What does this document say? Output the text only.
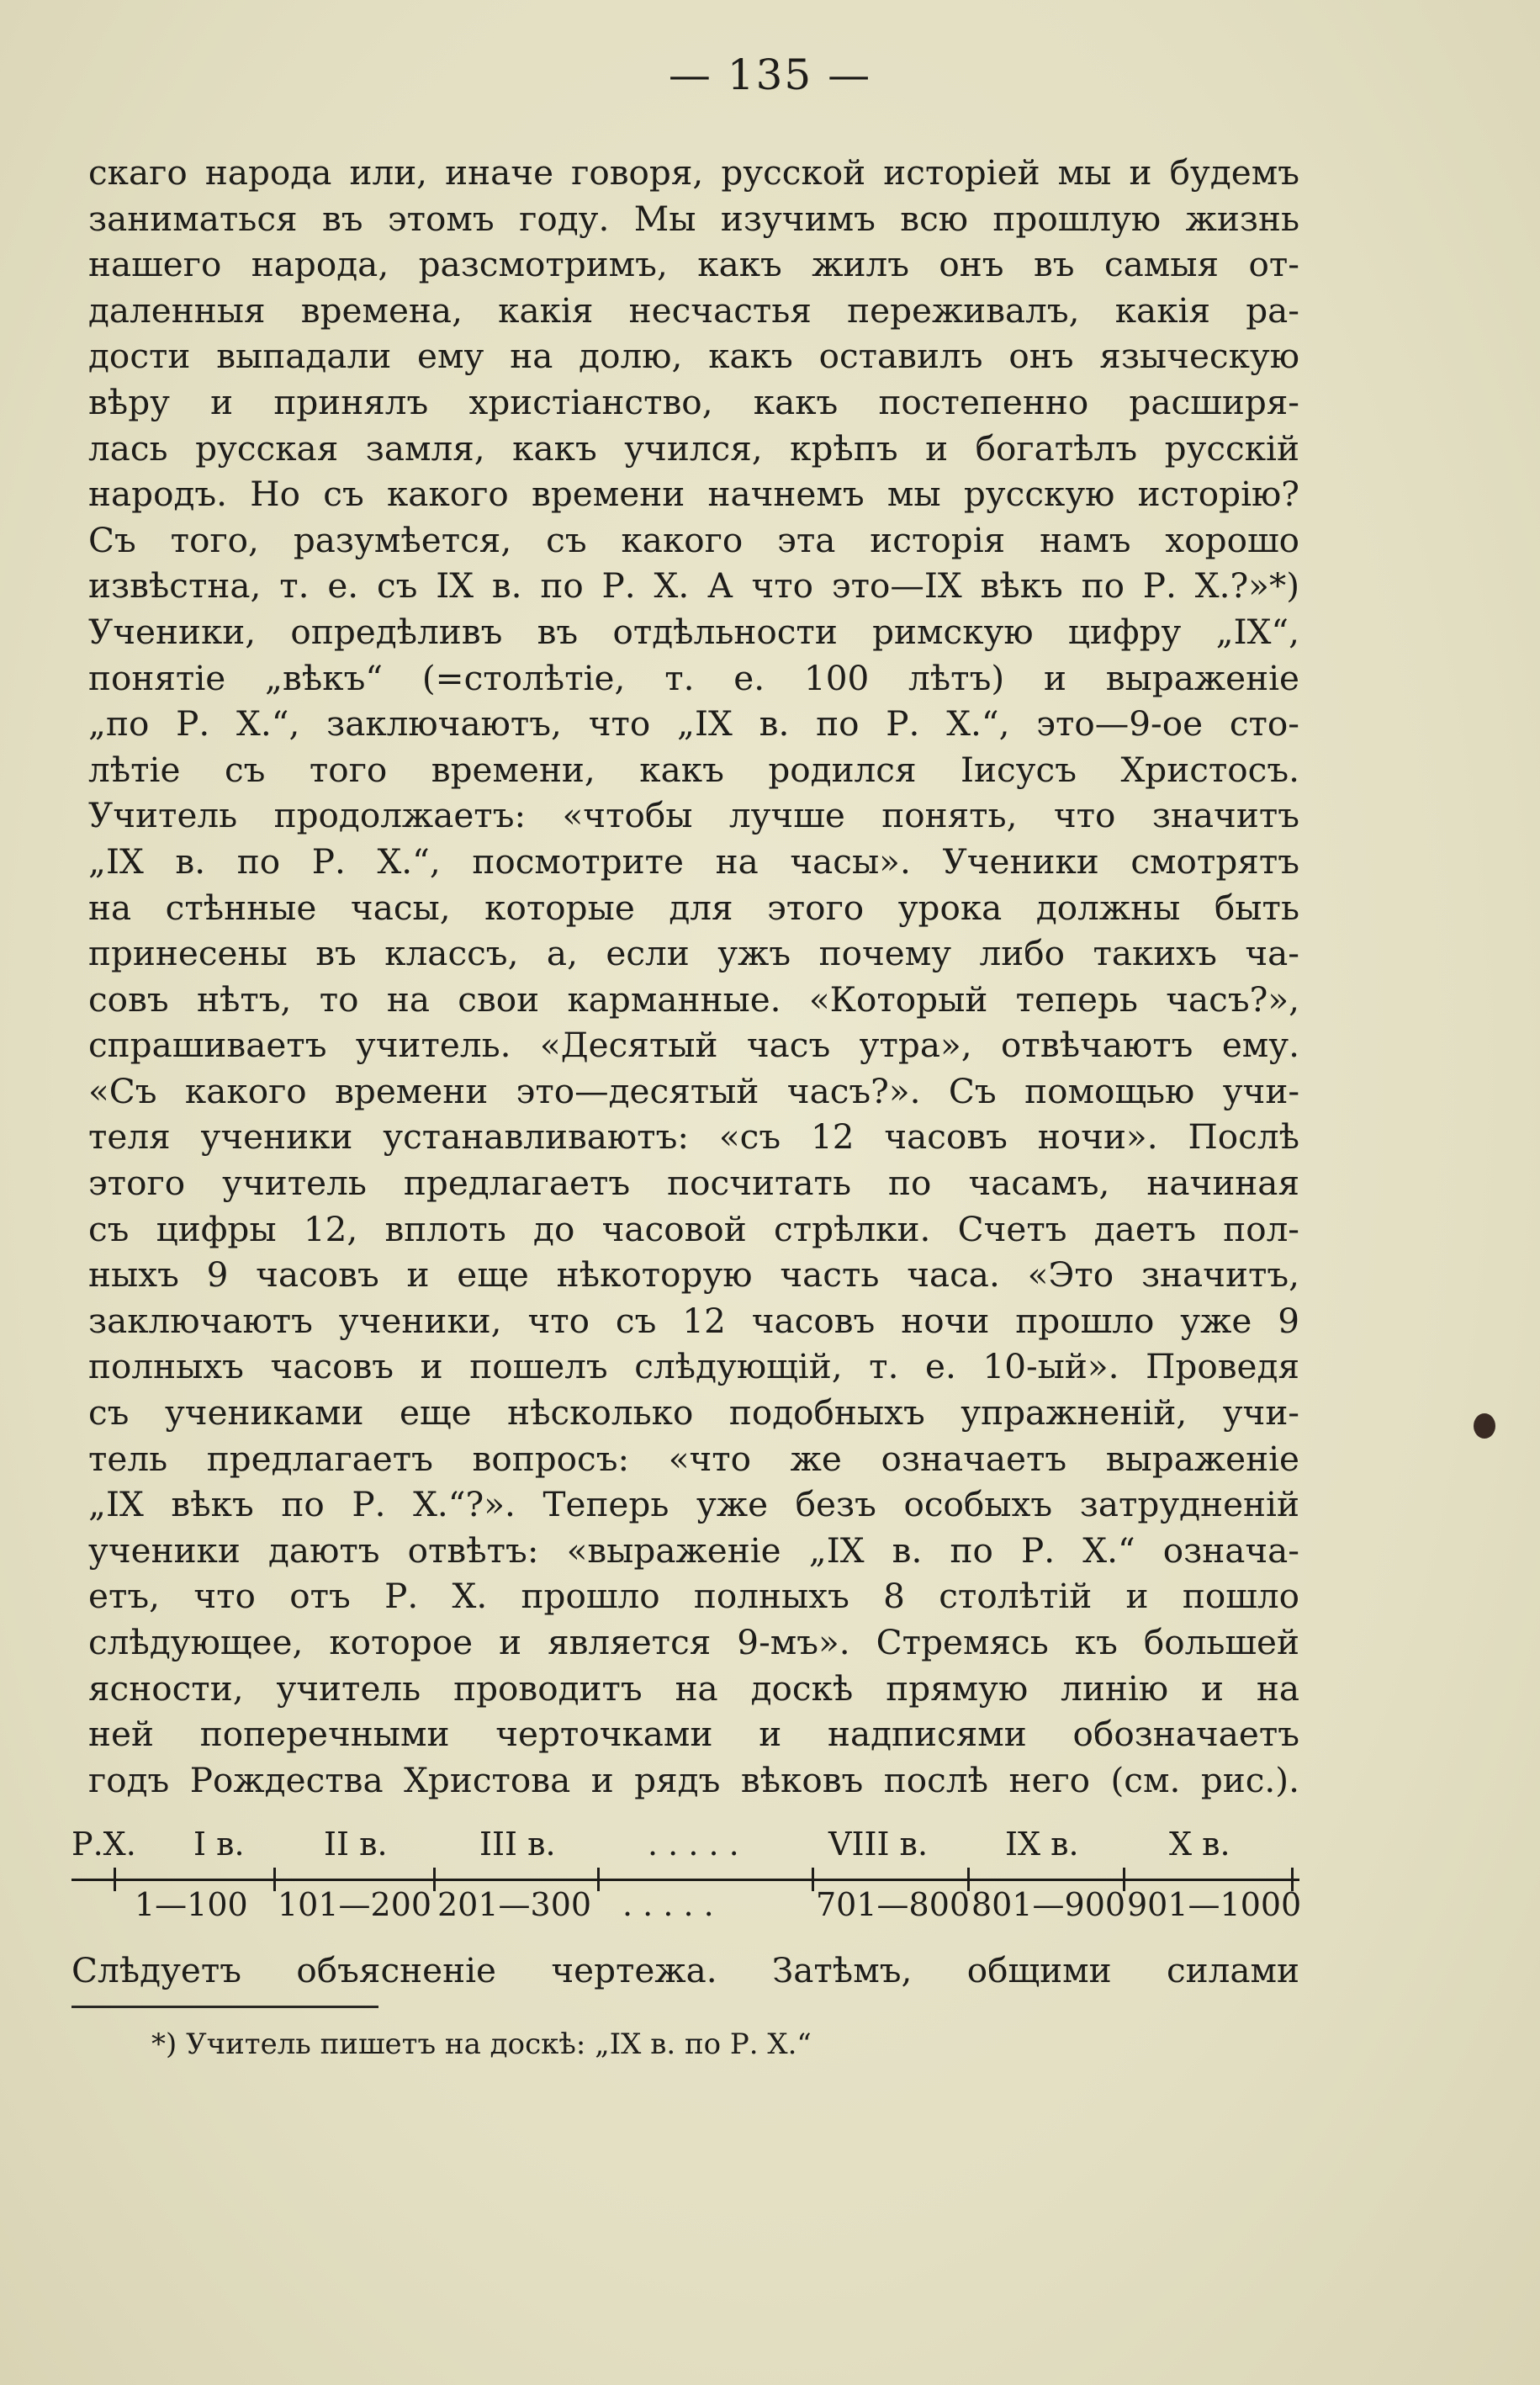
— 135 —
скаго народа или, иначе говоря, русской исторіей мы и будемъ
заниматься въ этомъ году. Мы изучимъ всю прошлую жизнь
нашего народа, разсмотримъ, какъ жилъ онъ въ самыя от-
даленныя времена, какія несчастья переживалъ, какія ра-
дости выпадали ему на долю, какъ оставилъ онъ языческую
вѣру и принялъ христіанство, какъ постепенно расширя-
лась русская замля, какъ учился, крѣпъ и богатѣлъ русскій
народъ. Но съ какого времени начнемъ мы русскую исторію?
Съ того, разумѣется, съ какого эта исторія намъ хорошо
извѣстна, т. е. съ IX в. по Р. Х. А что это—IX вѣкъ по Р. Х.?»*)
Ученики, опредѣливъ въ отдѣльности римскую цифру „IX“,
понятіе „вѣкъ“ (=столѣтіе, т. е. 100 лѣтъ) и выраженіе
„по Р. Х.“, заключаютъ, что „IX в. по Р. Х.“, это—9-ое сто-
лѣтіе съ того времени, какъ родился Іисусъ Христосъ.
Учитель продолжаетъ: «чтобы лучше понять, что значитъ
„IX в. по Р. Х.“, посмотрите на часы». Ученики смотрятъ
на стѣнные часы, которые для этого урока должны быть
принесены въ классъ, а, если ужъ почему либо такихъ ча-
совъ нѣтъ, то на свои карманные. «Который теперь часъ?»,
спрашиваетъ учитель. «Десятый часъ утра», отвѣчаютъ ему.
«Съ какого времени это—десятый часъ?». Съ помощью учи-
теля ученики устанавливаютъ: «съ 12 часовъ ночи». Послѣ
этого учитель предлагаетъ посчитать по часамъ, начиная
съ цифры 12, вплоть до часовой стрѣлки. Счетъ даетъ пол-
ныхъ 9 часовъ и еще нѣкоторую часть часа. «Это значитъ,
заключаютъ ученики, что съ 12 часовъ ночи прошло уже 9
полныхъ часовъ и пошелъ слѣдующій, т. е. 10-ый». Проведя
съ учениками еще нѣсколько подобныхъ упражненій, учи-
тель предлагаетъ вопросъ: «что же означаетъ выраженіе
„IX вѣкъ по Р. Х.“?». Теперь уже безъ особыхъ затрудненій
ученики даютъ отвѣтъ: «выраженіе „IX в. по Р. Х.“ означа-
етъ, что отъ Р. Х. прошло полныхъ 8 столѣтій и пошло
слѣдующее, которое и является 9-мъ». Стремясь къ большей
ясности, учитель проводитъ на доскѣ прямую линію и на
ней поперечными черточками и надписями обозначаетъ
годъ Рождества Христова и рядъ вѣковъ послѣ него (см. рис.).
Р.Х. I в. II в.	III в.	. . . . .	VIII в. IX в.	X в.
1—100 101—200 201—300 . . . . .	701—800 801—900 901—1000
Слѣдуетъ объясненіе чертежа. Затѣмъ, общими силами
*) Учитель пишетъ на доскѣ: „IX в. по Р. Х.“
